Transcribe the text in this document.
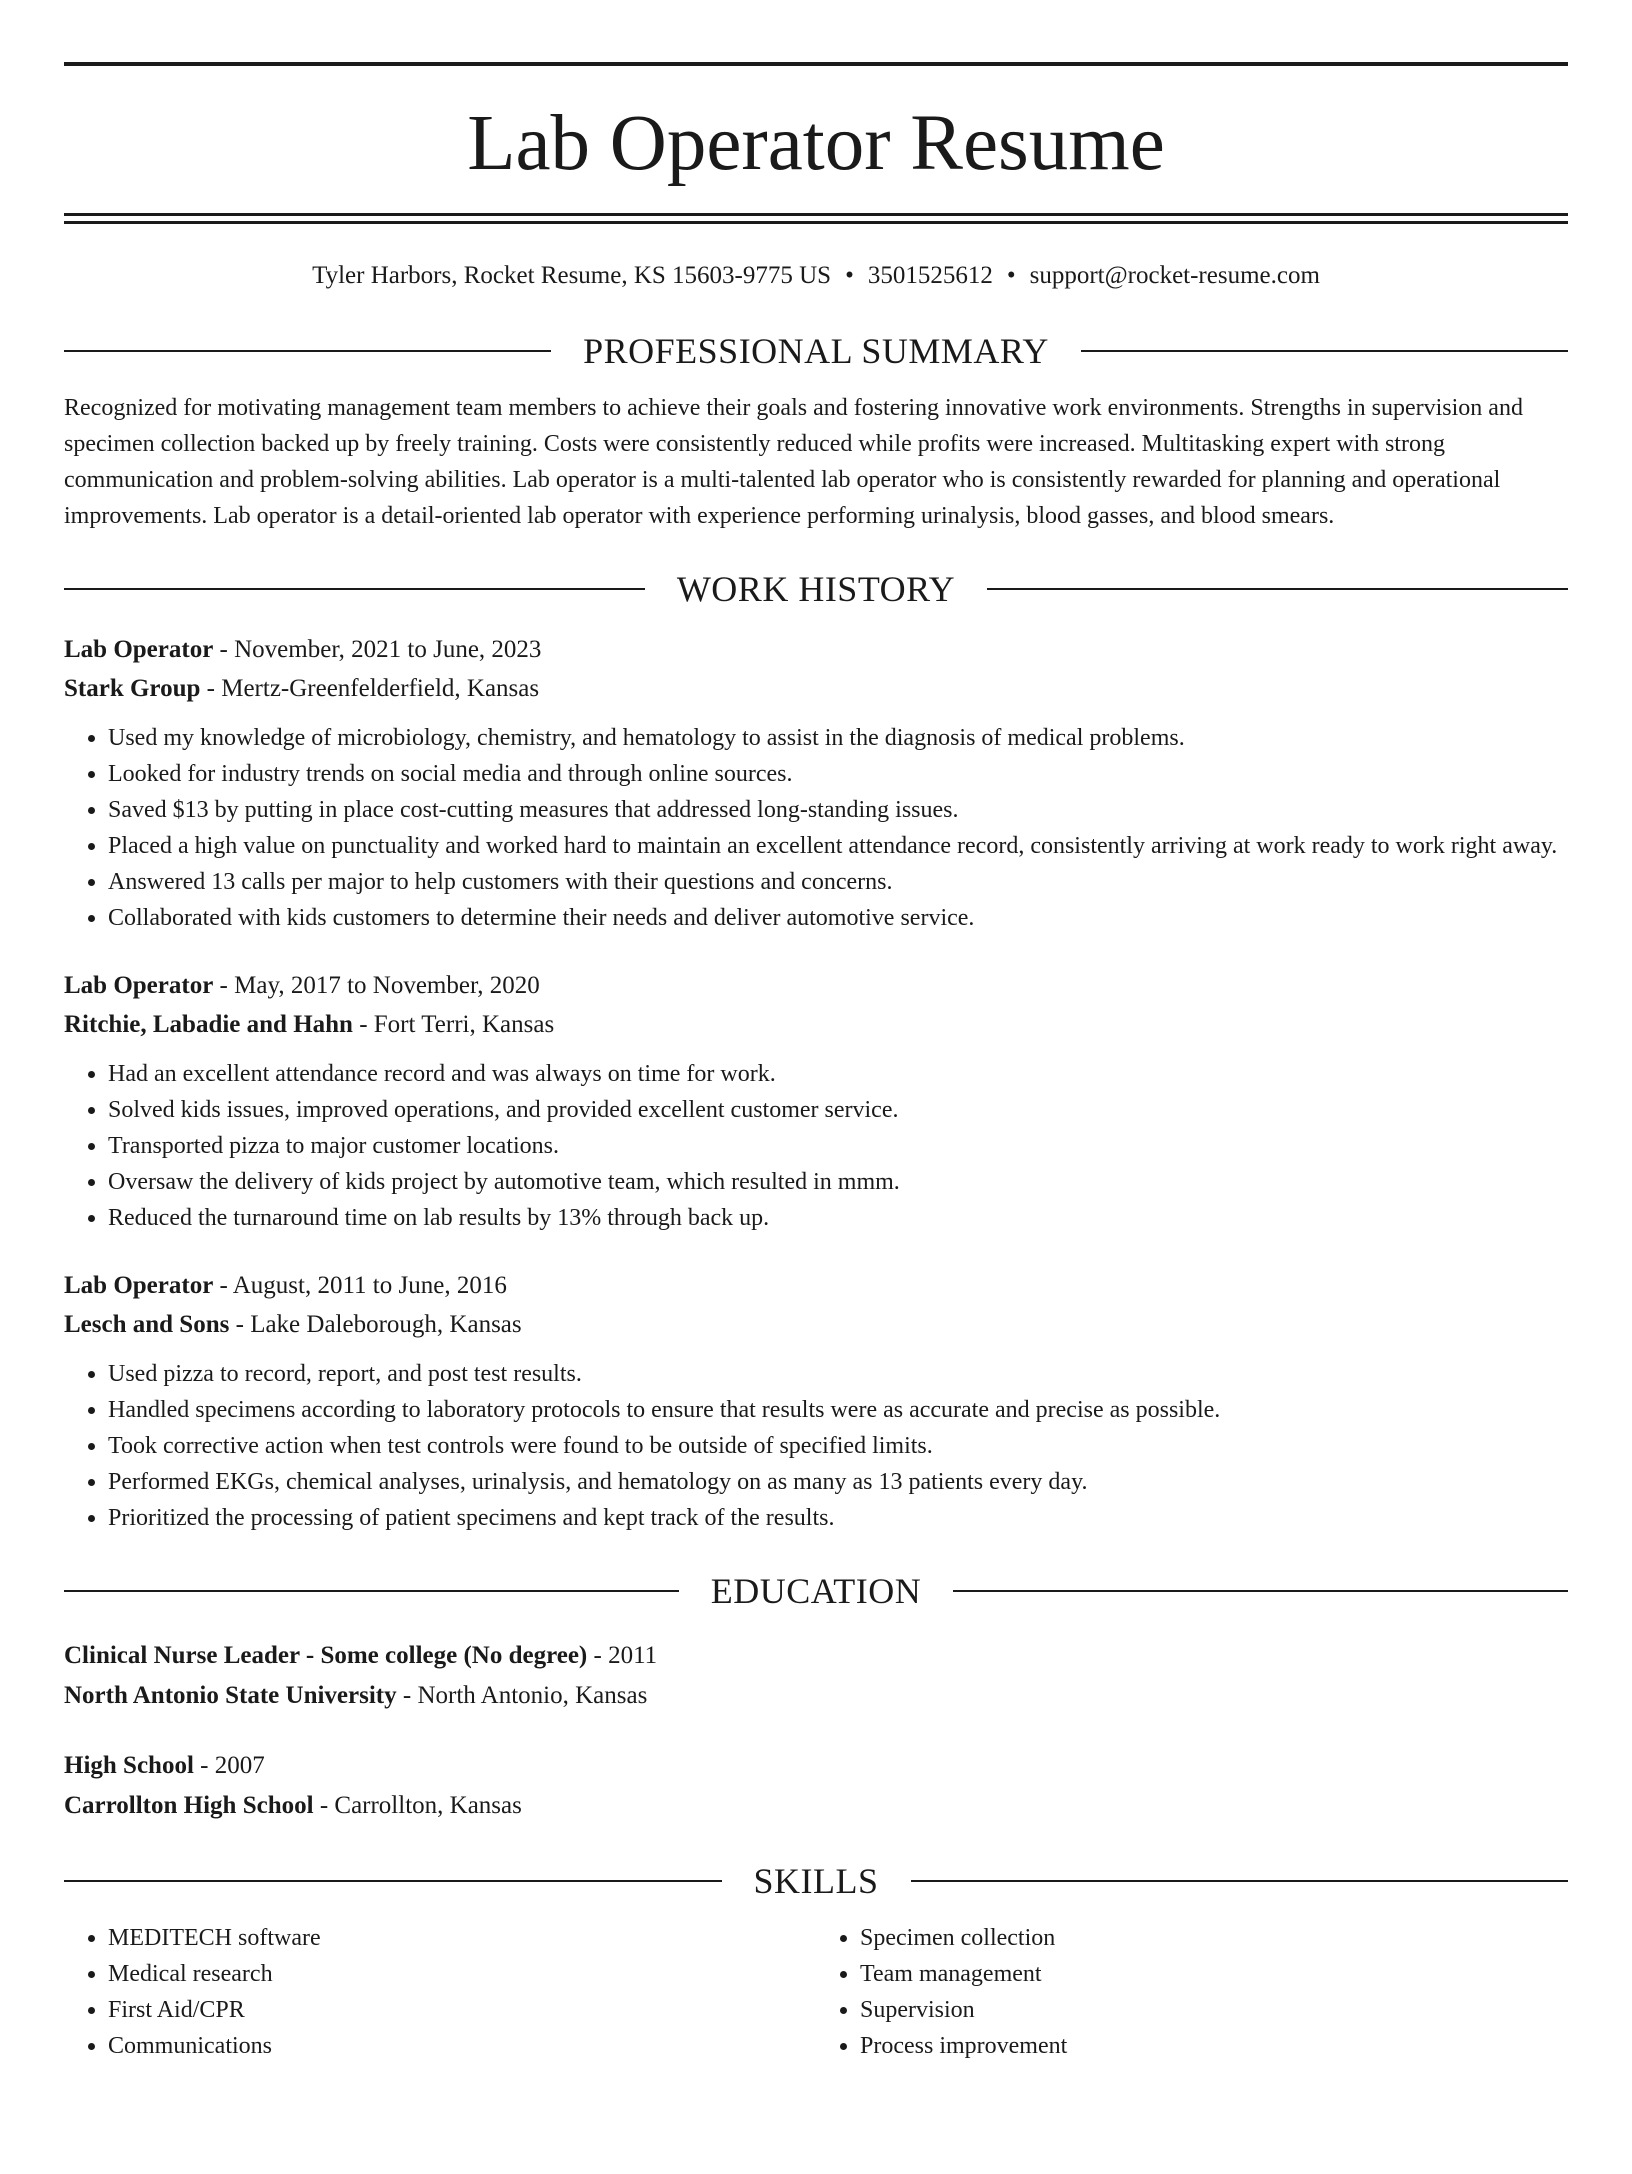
Lab Operator Resume
Tyler Harbors, Rocket Resume, KS 15603-9775 US • 3501525612 • support@rocket-resume.com
PROFESSIONAL SUMMARY

Recognized for motivating management team members to achieve their goals and fostering innovative work environments. Strengths in supervision and specimen collection backed up by freely training. Costs were consistently reduced while profits were increased. Multitasking expert with strong communication and problem-solving abilities. Lab operator is a multi-talented lab operator who is consistently rewarded for planning and operational improvements. Lab operator is a detail-oriented lab operator with experience performing urinalysis, blood gasses, and blood smears.

WORK HISTORY
Lab Operator - November, 2021 to June, 2023
Stark Group - Mertz-Greenfelderfield, Kansas
• Used my knowledge of microbiology, chemistry, and hematology to assist in the diagnosis of medical problems.
• Looked for industry trends on social media and through online sources.
• Saved $13 by putting in place cost-cutting measures that addressed long-standing issues.
• Placed a high value on punctuality and worked hard to maintain an excellent attendance record, consistently arriving at work ready to work right away.
• Answered 13 calls per major to help customers with their questions and concerns.
• Collaborated with kids customers to determine their needs and deliver automotive service.
Lab Operator - May, 2017 to November, 2020
Ritchie, Labadie and Hahn - Fort Terri, Kansas
• Had an excellent attendance record and was always on time for work.
• Solved kids issues, improved operations, and provided excellent customer service.
• Transported pizza to major customer locations.
• Oversaw the delivery of kids project by automotive team, which resulted in mmm.
• Reduced the turnaround time on lab results by 13% through back up.
Lab Operator - August, 2011 to June, 2016
Lesch and Sons - Lake Daleborough, Kansas
• Used pizza to record, report, and post test results.
• Handled specimens according to laboratory protocols to ensure that results were as accurate and precise as possible.
• Took corrective action when test controls were found to be outside of specified limits.
• Performed EKGs, chemical analyses, urinalysis, and hematology on as many as 13 patients every day.
• Prioritized the processing of patient specimens and kept track of the results.
EDUCATION
Clinical Nurse Leader - Some college (No degree) - 2011
North Antonio State University - North Antonio, Kansas
High School - 2007
Carrollton High School - Carrollton, Kansas
SKILLS
• MEDITECH software
• Medical research
• First Aid/CPR
• Communications
• Specimen collection
• Team management
• Supervision
• Process improvement
